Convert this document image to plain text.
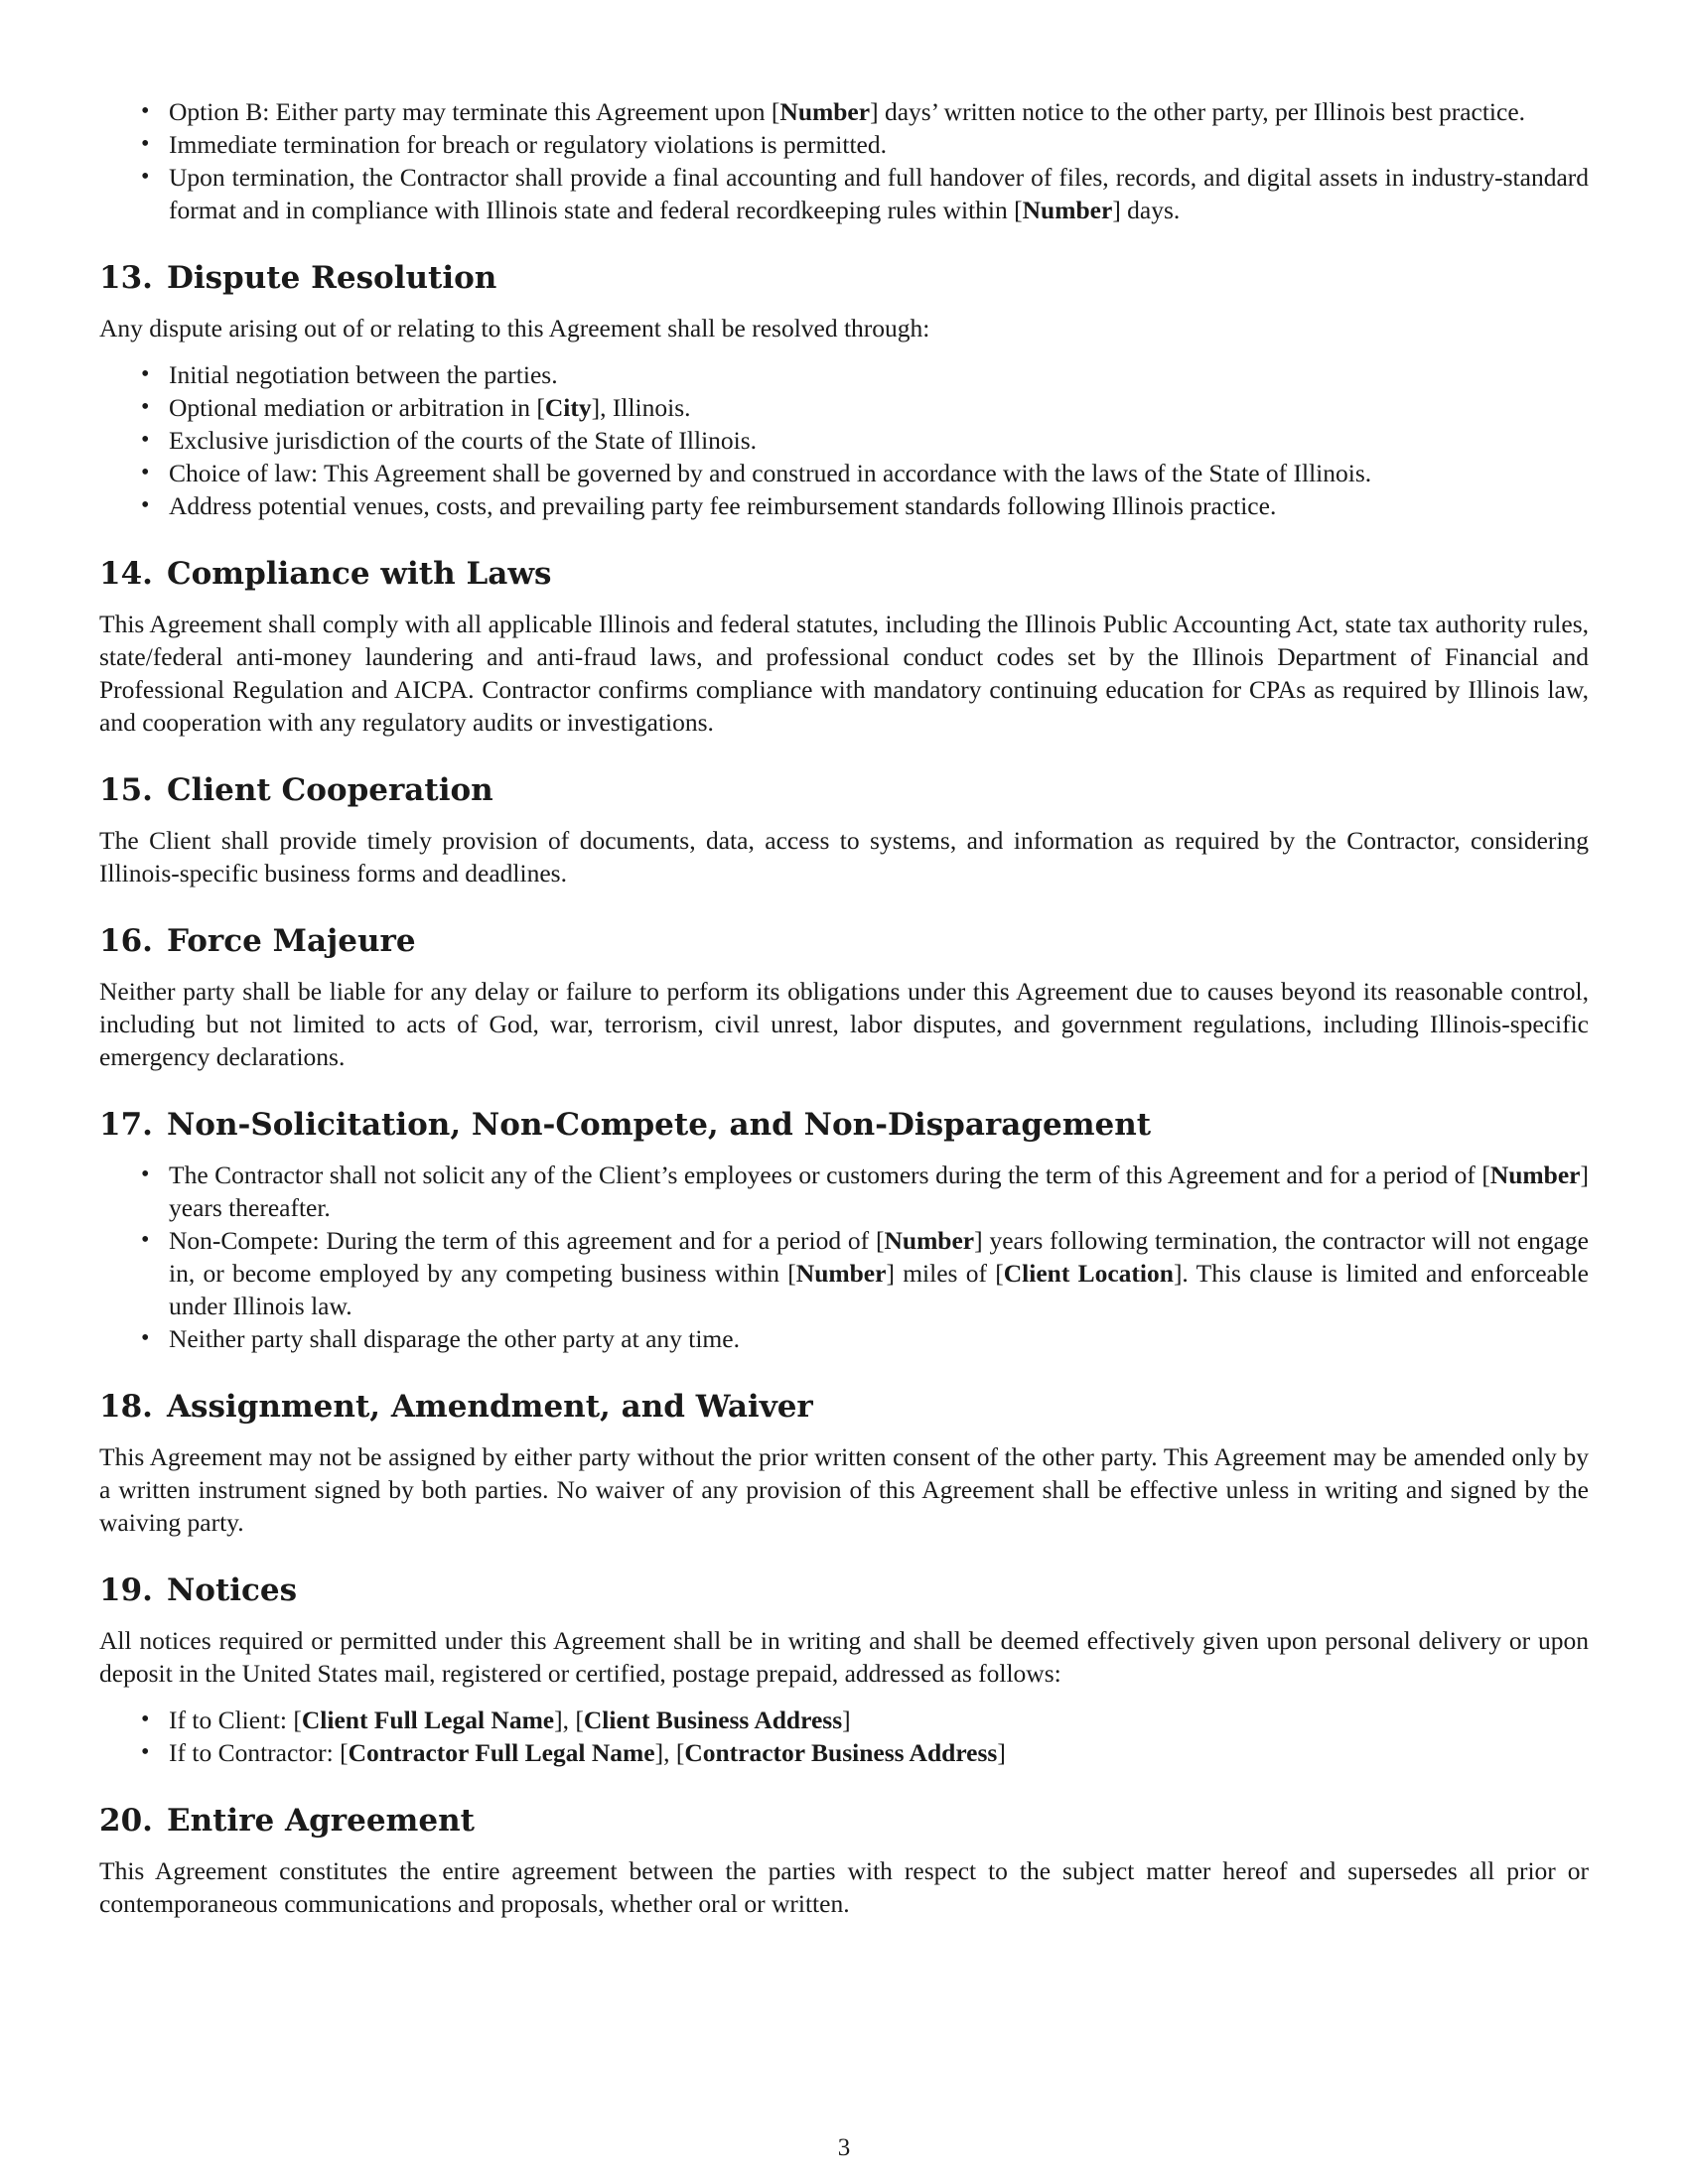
• Option B: Either party may terminate this Agreement upon [Number] days’ written notice to the other party, per Illinois best practice.
• Immediate termination for breach or regulatory violations is permitted.
• Upon termination, the Contractor shall provide a final accounting and full handover of files, records, and digital assets in industry-standard format and in compliance with Illinois state and federal recordkeeping rules within [Number] days.
13. Dispute Resolution

Any dispute arising out of or relating to this Agreement shall be resolved through:

• Initial negotiation between the parties.
• Optional mediation or arbitration in [City], Illinois.
• Exclusive jurisdiction of the courts of the State of Illinois.
• Choice of law: This Agreement shall be governed by and construed in accordance with the laws of the State of Illinois.
• Address potential venues, costs, and prevailing party fee reimbursement standards following Illinois practice.
14. Compliance with Laws

This Agreement shall comply with all applicable Illinois and federal statutes, including the Illinois Public Accounting Act, state tax authority rules, state/federal anti-money laundering and anti-fraud laws, and professional conduct codes set by the Illinois Department of Financial and Professional Regulation and AICPA. Contractor confirms compliance with mandatory continuing education for CPAs as required by Illinois law, and cooperation with any regulatory audits or investigations.

15. Client Cooperation

The Client shall provide timely provision of documents, data, access to systems, and information as required by the Contractor, considering Illinois-specific business forms and deadlines.

16. Force Majeure

Neither party shall be liable for any delay or failure to perform its obligations under this Agreement due to causes beyond its reasonable control, including but not limited to acts of God, war, terrorism, civil unrest, labor disputes, and government regulations, including Illinois-specific emergency declarations.

17. Non-Solicitation, Non-Compete, and Non-Disparagement
• The Contractor shall not solicit any of the Client’s employees or customers during the term of this Agreement and for a period of [Number] years thereafter.
• Non-Compete: During the term of this agreement and for a period of [Number] years following termination, the contractor will not engage in, or become employed by any competing business within [Number] miles of [Client Location]. This clause is limited and enforceable under Illinois law.
• Neither party shall disparage the other party at any time.
18. Assignment, Amendment, and Waiver

This Agreement may not be assigned by either party without the prior written consent of the other party. This Agreement may be amended only by a written instrument signed by both parties. No waiver of any provision of this Agreement shall be effective unless in writing and signed by the waiving party.

19. Notices

All notices required or permitted under this Agreement shall be in writing and shall be deemed effectively given upon personal delivery or upon deposit in the United States mail, registered or certified, postage prepaid, addressed as follows:

• If to Client: [Client Full Legal Name], [Client Business Address]
• If to Contractor: [Contractor Full Legal Name], [Contractor Business Address]
20. Entire Agreement

This Agreement constitutes the entire agreement between the parties with respect to the subject matter hereof and supersedes all prior or contemporaneous communications and proposals, whether oral or written.

3
